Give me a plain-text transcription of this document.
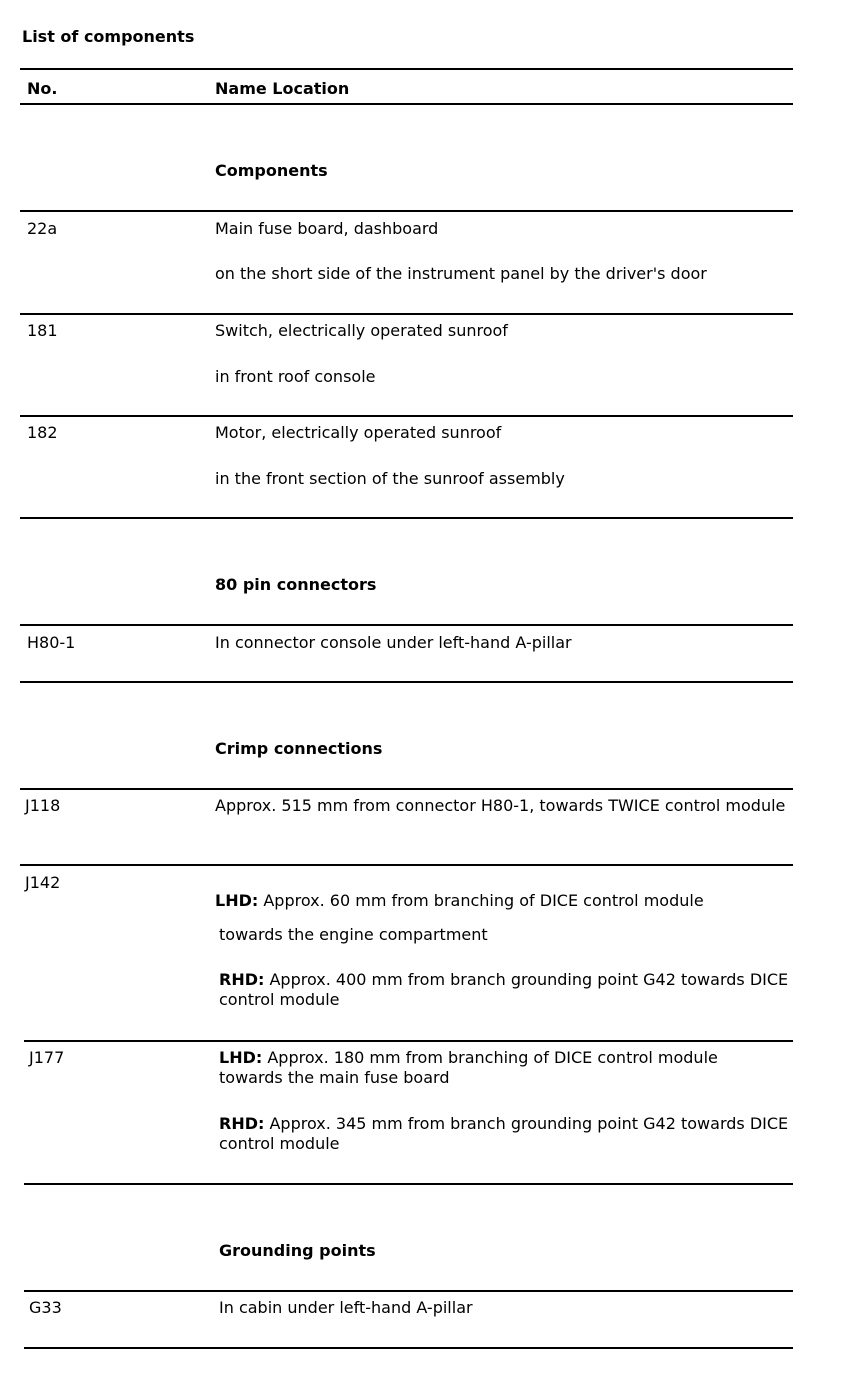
List of components
No.	Name Location
Components
22a	Main fuse board, dashboard
on the short side of the instrument panel by the driver's door
181	Switch, electrically operated sunroof
in front roof console
182	Motor, electrically operated sunroof
in the front section of the sunroof assembly
80 pin connectors
H80-1	In connector console under left-hand A-pillar
Crimp connections
J118	Approx. 515 mm from connector H80-1, towards TWICE control module
J142
LHD: Approx. 60 mm from branching of DICE control module
towards the engine compartment
RHD: Approx. 400 mm from branch grounding point G42 towards DICE control module
J177	LHD: Approx. 180 mm from branching of DICE control module towards the main fuse board
RHD: Approx. 345 mm from branch grounding point G42 towards DICE control module
Grounding points
G33	In cabin under left-hand A-pillar
